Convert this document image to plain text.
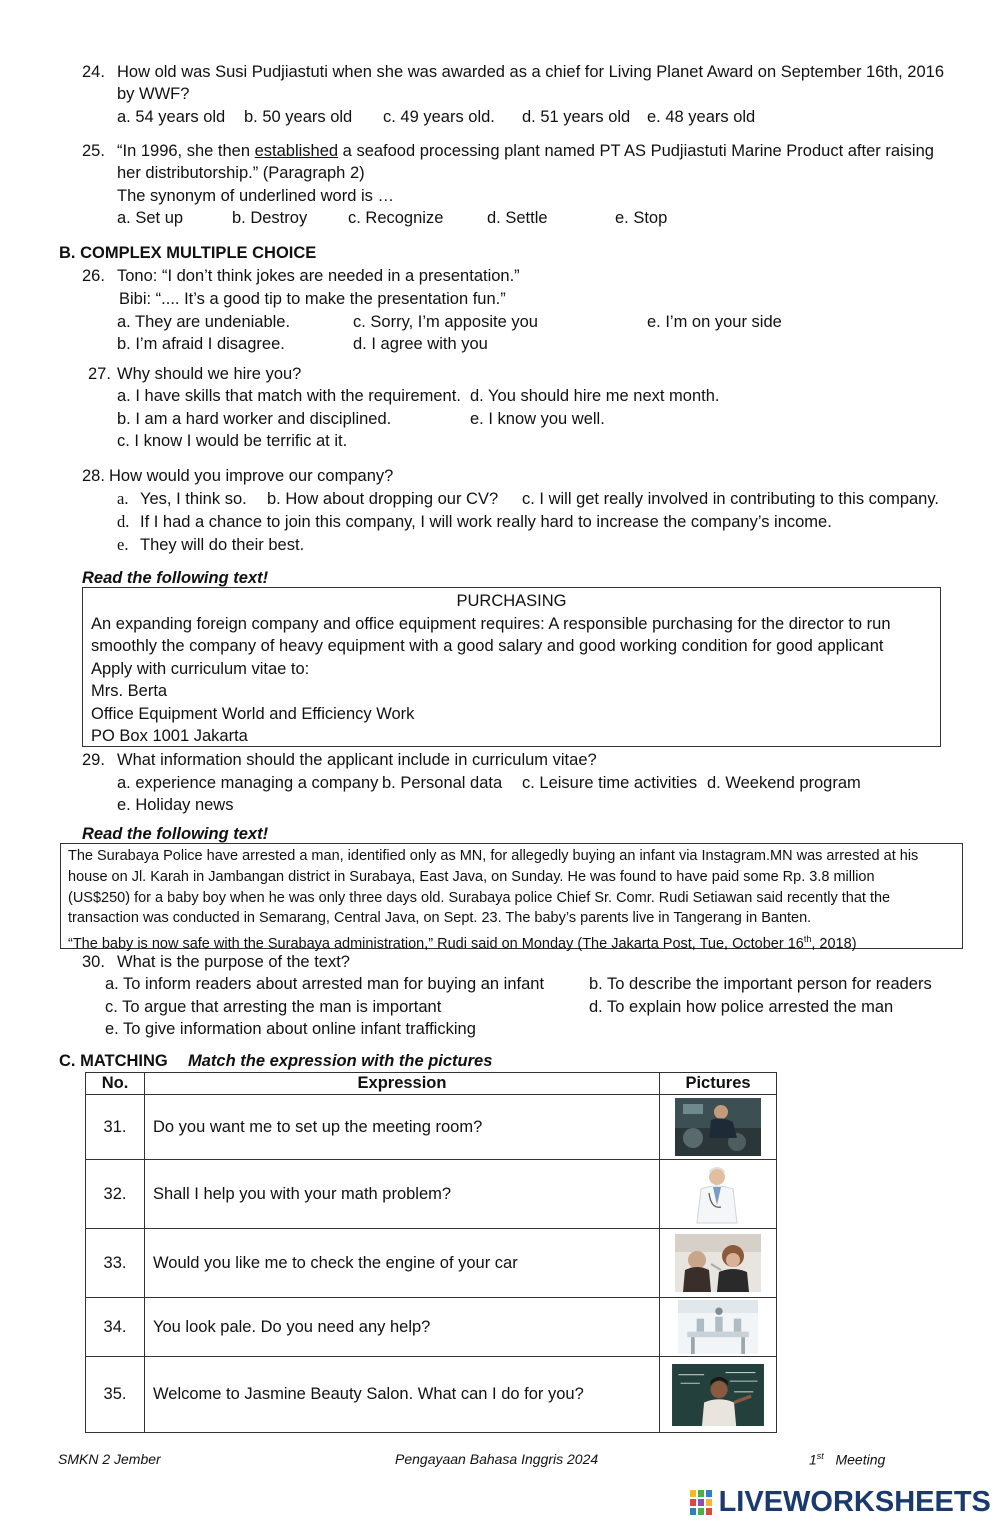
24. How old was Susi Pudjiastuti when she was awarded as a chief for Living Planet Award on September 16th, 2016
by WWF?
a. 54 years old b. 50 years old c. 49 years old. d. 51 years old e. 48 years old
25. “In 1996, she then established a seafood processing plant named PT AS Pudjiastuti Marine Product after raising
her distributorship.” (Paragraph 2)
The synonym of underlined word is …
a. Set up	b. Destroy c. Recognize	d. Settle	e. Stop
B. COMPLEX MULTIPLE CHOICE
26. Tono: “I don’t think jokes are needed in a presentation.”
Bibi: “.... It’s a good tip to make the presentation fun.”
a. They are undeniable.	c. Sorry, I’m apposite you	e. I’m on your side
b. I’m afraid I disagree.	d. I agree with you
27. Why should we hire you?
a. I have skills that match with the requirement. d. You should hire me next month.
b. I am a hard worker and disciplined.	e. I know you well.
c. I know I would be terrific at it.
28. How would you improve our company?
a. Yes, I think so. b. How about dropping our CV? c. I will get really involved in contributing to this company.
d. If I had a chance to join this company, I will work really hard to increase the company’s income.
e. They will do their best.
Read the following text!
PURCHASING
An expanding foreign company and office equipment requires: A responsible purchasing for the director to run
smoothly the company of heavy equipment with a good salary and good working condition for good applicant
Apply with curriculum vitae to:
Mrs. Berta
Office Equipment World and Efficiency Work
PO Box 1001 Jakarta
29. What information should the applicant include in curriculum vitae?
a. experience managing a company b. Personal data c. Leisure time activities d. Weekend program
e. Holiday news
Read the following text!
The Surabaya Police have arrested a man, identified only as MN, for allegedly buying an infant via Instagram.MN was arrested at his
house on Jl. Karah in Jambangan district in Surabaya, East Java, on Sunday. He was found to have paid some Rp. 3.8 million
(US$250) for a baby boy when he was only three days old. Surabaya police Chief Sr. Comr. Rudi Setiawan said recently that the
transaction was conducted in Semarang, Central Java, on Sept. 23. The baby’s parents live in Tangerang in Banten.
“The baby is now safe with the Surabaya administration,” Rudi said on Monday (The Jakarta Post, Tue, October 16th, 2018)
30. What is the purpose of the text?
a. To inform readers about arrested man for buying an infant	b. To describe the important person for readers
c. To argue that arresting the man is important	d. To explain how police arrested the man
e. To give information about online infant trafficking
C. MATCHING Match the expression with the pictures
No.	Expression	Pictures
31.	Do you want me to set up the meeting room?	
32.	Shall I help you with your math problem?	
33.	Would you like me to check the engine of your car	
34.	You look pale. Do you need any help?	
35.	Welcome to Jasmine Beauty Salon. What can I do for you?	
SMKN 2 Jember	Pengayaan Bahasa Inggris 2024	1st Meeting
LIVEWORKSHEETS
